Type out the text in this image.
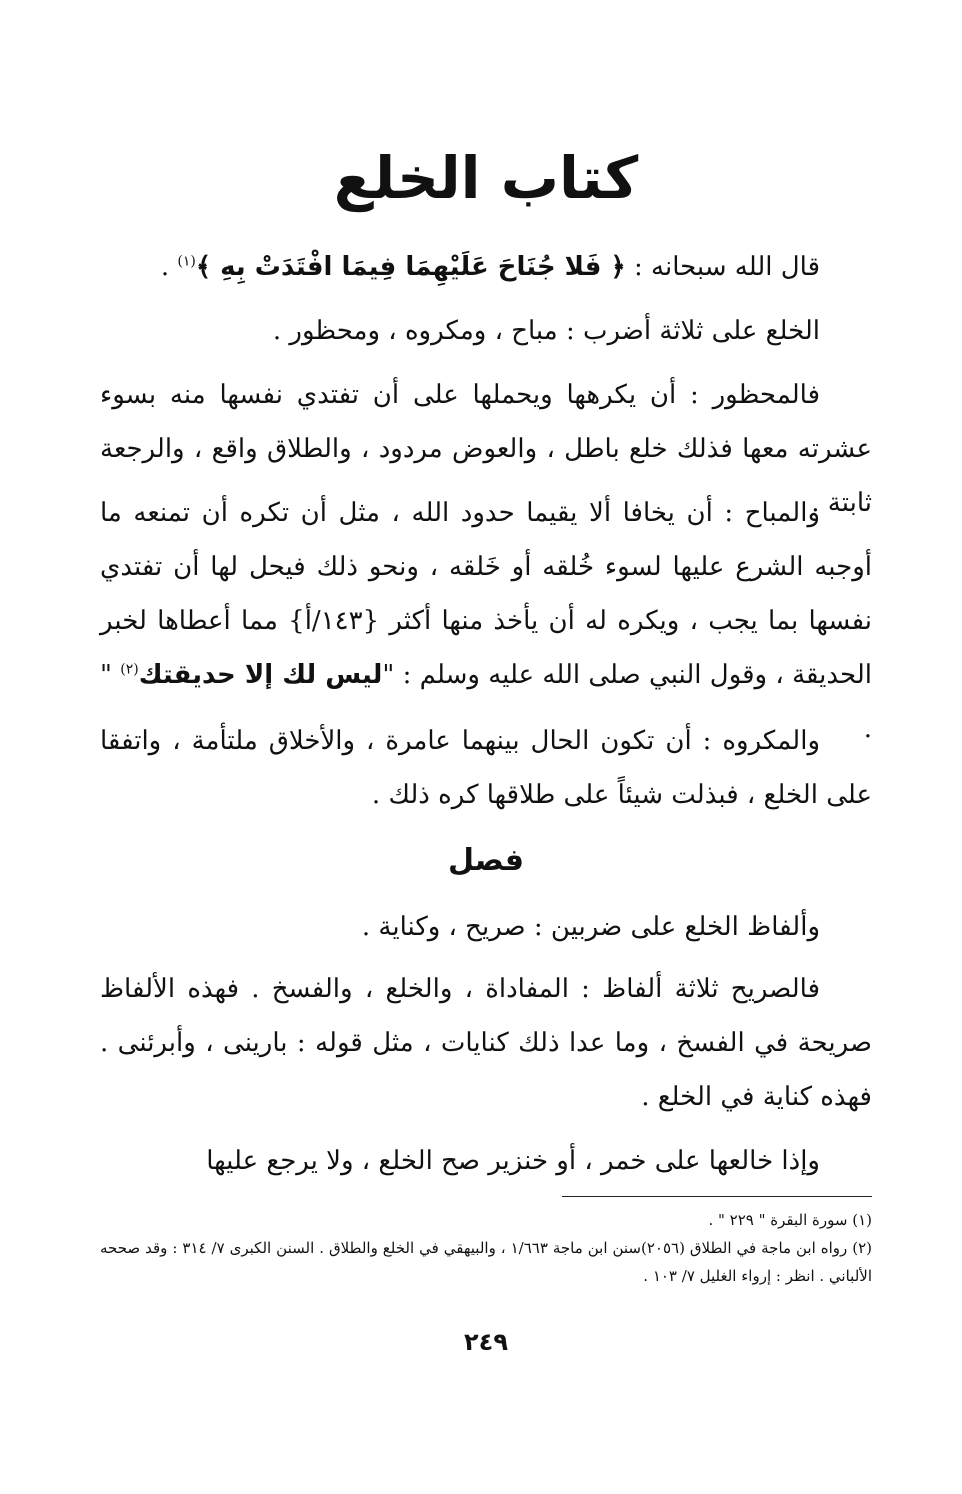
كتاب الخلع

قال الله سبحانه : ﴿ فَلا جُنَاحَ عَلَيْهِمَا فِيمَا افْتَدَتْ بِهِ ﴾$^{(١)}$ .

الخلع على ثلاثة أضرب : مباح ، ومكروه ، ومحظور .

فالمحظور : أن يكرهها ويحملها على أن تفتدي نفسها منه بسوء عشرته معها فذلك خلع باطل ، والعوض مردود ، والطلاق واقع ، والرجعة ثابتة .

والمباح : أن يخافا ألا يقيما حدود الله ، مثل أن تكره أن تمنعه ما أوجبه الشرع عليها لسوء خُلقه أو خَلقه ، ونحو ذلك فيحل لها أن تفتدي نفسها بما يجب ، ويكره له أن يأخذ منها أكثر {١٤٣/أ} مما أعطاها لخبر الحديقة ، وقول النبي صلى الله عليه وسلم : "ليس لك إلا حديقتك$^{(٢)}$ " .

والمكروه : أن تكون الحال بينهما عامرة ، والأخلاق ملتأمة ، واتفقا على الخلع ، فبذلت شيئاً على طلاقها كره ذلك .

فصل

وألفاظ الخلع على ضربين : صريح ، وكناية .

فالصريح ثلاثة ألفاظ : المفاداة ، والخلع ، والفسخ . فهذه الألفاظ صريحة في الفسخ ، وما عدا ذلك كنايات ، مثل قوله : بارينى ، وأبرئنى . فهذه كناية في الخلع .

وإذا خالعها على خمر ، أو خنزير صح الخلع ، ولا يرجع عليها

(١) سورة البقرة " ٢٢٩ " .

(٢) رواه ابن ماجة في الطلاق (٢٠٥٦)سنن ابن ماجة ١/٦٦٣ ، والبيهقي في الخلع والطلاق . السنن الكبرى ٧/ ٣١٤ : وقد صححه الألباني . انظر : إرواء الغليل ٧/ ١٠٣ .

٢٤٩
